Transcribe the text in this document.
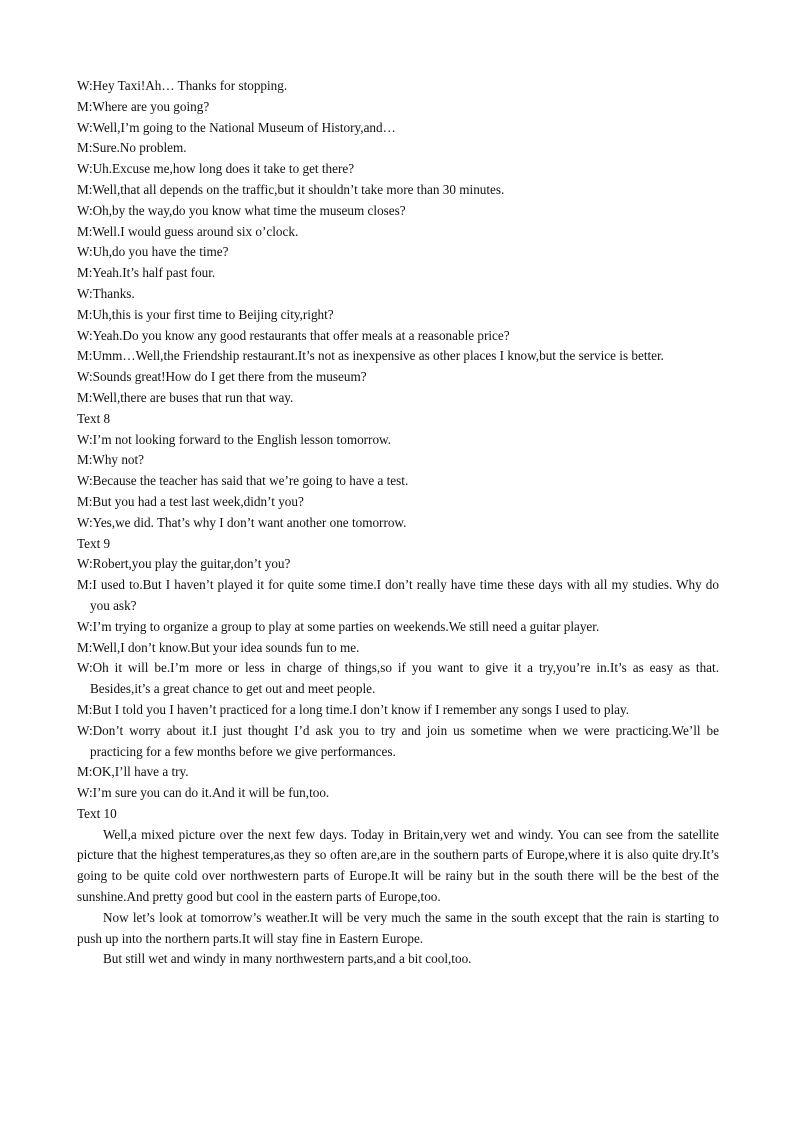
W:Hey Taxi!Ah… Thanks for stopping.
M:Where are you going?
W:Well,I’m going to the National Museum of History,and…
M:Sure.No problem.
W:Uh.Excuse me,how long does it take to get there?
M:Well,that all depends on the traffic,but it shouldn’t take more than 30 minutes.
W:Oh,by the way,do you know what time the museum closes?
M:Well.I would guess around six o’clock.
W:Uh,do you have the time?
M:Yeah.It’s half past four.
W:Thanks.
M:Uh,this is your first time to Beijing city,right?
W:Yeah.Do you know any good restaurants that offer meals at a reasonable price?
M:Umm…Well,the Friendship restaurant.It’s not as inexpensive as other places I know,but the service is better.
W:Sounds great!How do I get there from the museum?
M:Well,there are buses that run that way.
Text 8
W:I’m not looking forward to the English lesson tomorrow.
M:Why not?
W:Because the teacher has said that we’re going to have a test.
M:But you had a test last week,didn’t you?
W:Yes,we did. That’s why I don’t want another one tomorrow.
Text 9
W:Robert,you play the guitar,don’t you?
M:I used to.But I haven’t played it for quite some time.I don’t really have time these days with all my studies. Why do you ask?
W:I’m trying to organize a group to play at some parties on weekends.We still need a guitar player.
M:Well,I don’t know.But your idea sounds fun to me.
W:Oh it will be.I’m more or less in charge of things,so if you want to give it a try,you’re in.It’s as easy as that. Besides,it’s a great chance to get out and meet people.
M:But I told you I haven’t practiced for a long time.I don’t know if I remember any songs I used to play.
W:Don’t worry about it.I just thought I’d ask you to try and join us sometime when we were practicing.We’ll be practicing for a few months before we give performances.
M:OK,I’ll have a try.
W:I’m sure you can do it.And it will be fun,too.
Text 10
Well,a mixed picture over the next few days. Today in Britain,very wet and windy. You can see from the satellite picture that the highest temperatures,as they so often are,are in the southern parts of Europe,where it is also quite dry.It’s going to be quite cold over northwestern parts of Europe.It will be rainy but in the south there will be the best of the sunshine.And pretty good but cool in the eastern parts of Europe,too.
Now let’s look at tomorrow’s weather.It will be very much the same in the south except that the rain is starting to push up into the northern parts.It will stay fine in Eastern Europe.
But still wet and windy in many northwestern parts,and a bit cool,too.
